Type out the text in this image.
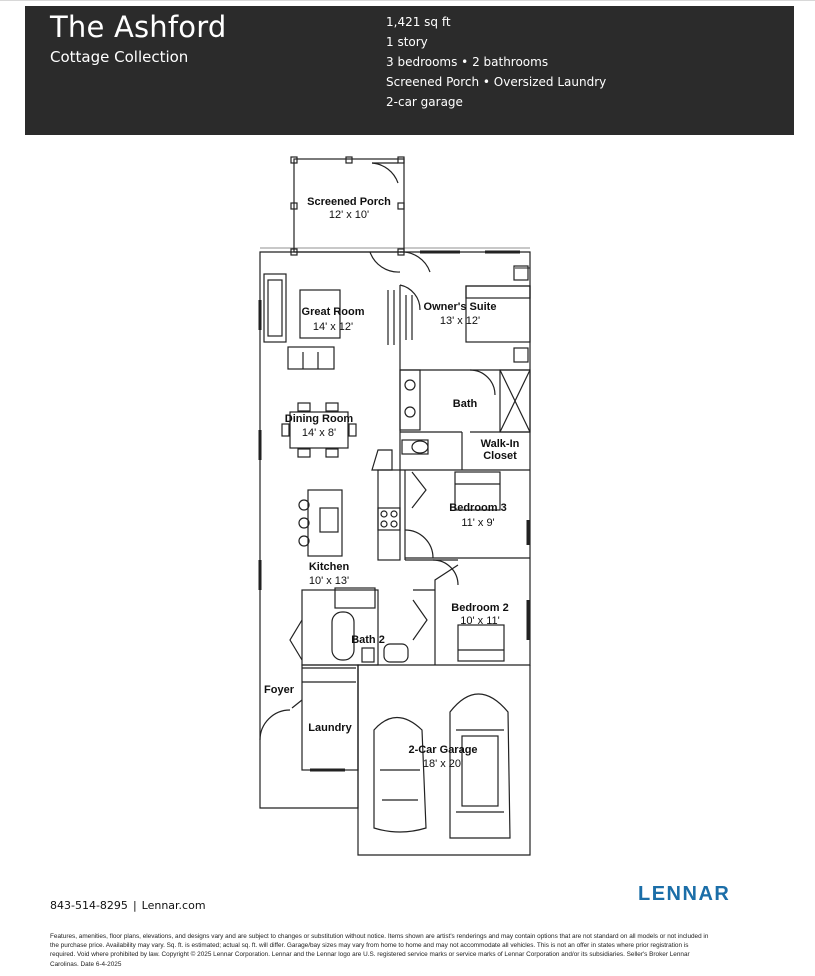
The Ashford
Cottage Collection
1,421 sq ft
1 story
3 bedrooms • 2 bathrooms
Screened Porch • Oversized Laundry
2-car garage
Screened Porch
12' x 10'
Great Room
14' x 12'
Owner's Suite
13' x 12'
Bath
Dining Room
14' x 8'
Walk-In
Closet
Bedroom 3
11' x 9'
Kitchen
10' x 13'
Bedroom 2
10' x 11'
Bath 2
Foyer
Laundry
2-Car Garage
18' x 20'
843-514-8295 | Lennar.com
LENNAR
Features, amenities, floor plans, elevations, and designs vary and are subject to changes or substitution without notice. Items shown are artist's renderings and may contain options that are not standard on all models or not included in the purchase price. Availability may vary. Sq. ft. is estimated; actual sq. ft. will differ. Garage/bay sizes may vary from home to home and may not accommodate all vehicles. This is not an offer in states where prior registration is required. Void where prohibited by law. Copyright © 2025 Lennar Corporation. Lennar and the Lennar logo are U.S. registered service marks or service marks of Lennar Corporation and/or its subsidiaries. Seller's Broker Lennar Carolinas. Date 6-4-2025
